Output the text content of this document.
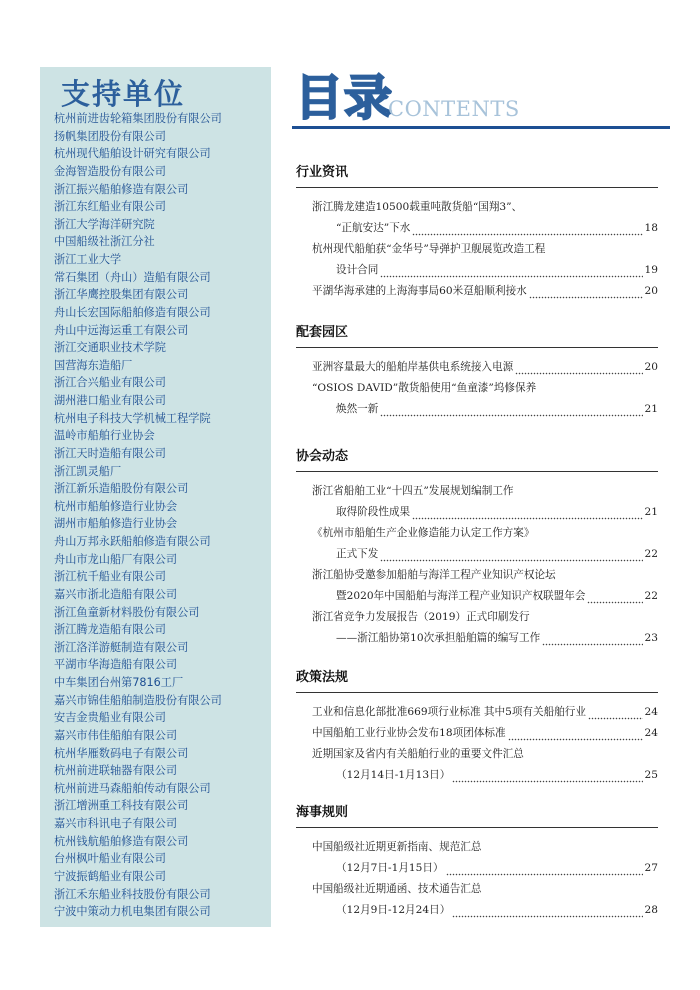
支持单位
杭州前进齿轮箱集团股份有限公司
扬帆集团股份有限公司
杭州现代船舶设计研究有限公司
金海智造股份有限公司
浙江振兴船舶修造有限公司
浙江东红船业有限公司
浙江大学海洋研究院
中国船级社浙江分社
浙江工业大学
常石集团（舟山）造船有限公司
浙江华鹰控股集团有限公司
舟山长宏国际船舶修造有限公司
舟山中远海运重工有限公司
浙江交通职业技术学院
国营海东造船厂
浙江合兴船业有限公司
湖州港口船业有限公司
杭州电子科技大学机械工程学院
温岭市船舶行业协会
浙江天时造船有限公司
浙江凯灵船厂
浙江新乐造船股份有限公司
杭州市船舶修造行业协会
湖州市船舶修造行业协会
舟山万邦永跃船舶修造有限公司
舟山市龙山船厂有限公司
浙江杭千船业有限公司
嘉兴市浙北造船有限公司
浙江鱼童新材料股份有限公司
浙江腾龙造船有限公司
浙江洛洋游艇制造有限公司
平湖市华海造船有限公司
中车集团台州第7816工厂
嘉兴市锦佳船舶制造股份有限公司
安吉金贵船业有限公司
嘉兴市伟佳船舶有限公司
杭州华雁数码电子有限公司
杭州前进联轴器有限公司
杭州前进马森船舶传动有限公司
浙江增洲重工科技有限公司
嘉兴市科讯电子有限公司
杭州钱航船舶修造有限公司
台州枫叶船业有限公司
宁波振鹤船业有限公司
浙江禾东船业科技股份有限公司
宁波中策动力机电集团有限公司
目录
CONTENTS
行业资讯
浙江腾龙建造10500载重吨散货船“国翔3”、
“正航安达”下水	18
杭州现代船舶获“金华号”导弹护卫舰展览改造工程
设计合同	19
平湖华海承建的上海海事局60米趸船顺利接水	20
配套园区
亚洲容量最大的船舶岸基供电系统接入电源	20
“OSIOS DAVID”散货船使用“鱼童漆”坞修保养
焕然一新	21
协会动态
浙江省船舶工业“十四五”发展规划编制工作
取得阶段性成果	21
《杭州市船舶生产企业修造能力认定工作方案》
正式下发	22
浙江船协受邀参加船舶与海洋工程产业知识产权论坛
暨2020年中国船舶与海洋工程产业知识产权联盟年会	22
浙江省竞争力发展报告（2019）正式印刷发行
——浙江船协第10次承担船舶篇的编写工作	23
政策法规
工业和信息化部批准669项行业标准 其中5项有关船舶行业	24
中国船舶工业行业协会发布18项团体标准	24
近期国家及省内有关船舶行业的重要文件汇总
（12月14日-1月13日）	25
海事规则
中国船级社近期更新指南、规范汇总
（12月7日-1月15日）	27
中国船级社近期通函、技术通告汇总
（12月9日-12月24日）	28
